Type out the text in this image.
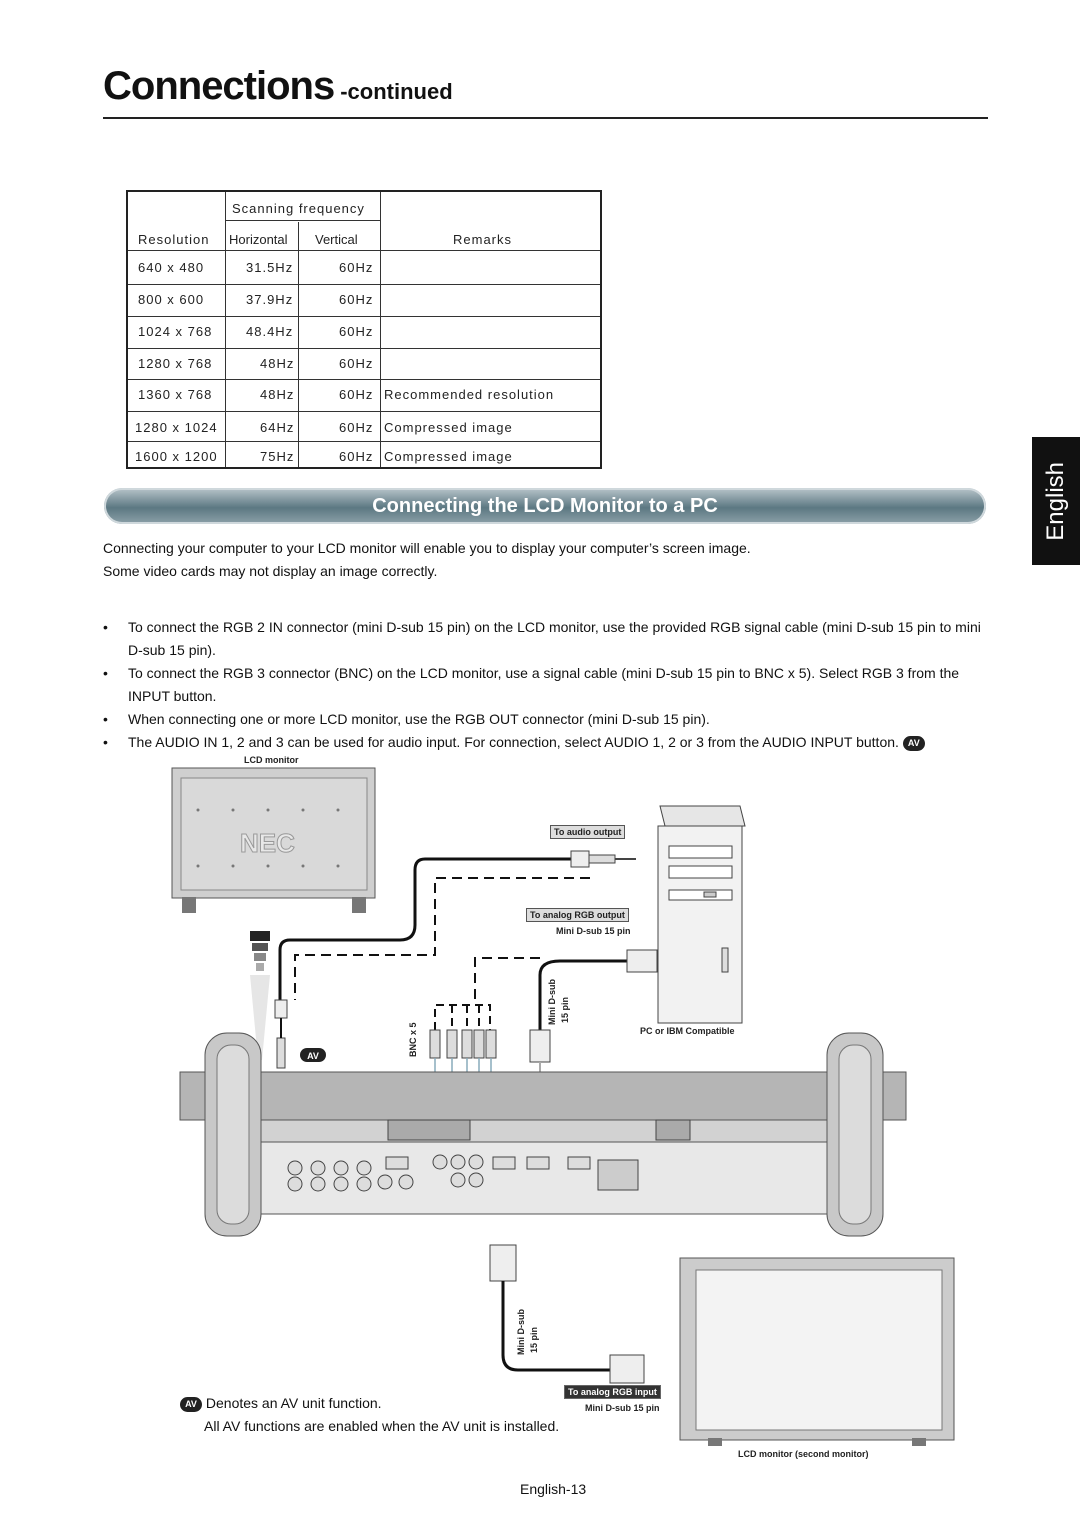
Connections -continued
English
Scanning frequency
Resolution Horizontal Vertical	Remarks
640 x 480	31.5Hz	60Hz
800 x 600	37.9Hz	60Hz
1024 x 768	48.4Hz	60Hz
1280 x 768	48Hz	60Hz
1360 x 768	48Hz	60Hz Recommended resolution
1280 x 1024	64Hz	60Hz Compressed image
1600 x 1200	75Hz	60Hz Compressed image
Connecting the LCD Monitor to a PC
Connecting your computer to your LCD monitor will enable you to display your computer’s screen image.
Some video cards may not display an image correctly.
• To connect the RGB 2 IN connector (mini D-sub 15 pin) on the LCD monitor, use the provided RGB signal cable (mini D-sub 15 pin to mini D-sub 15 pin).
• To connect the RGB 3 connector (BNC) on the LCD monitor, use a signal cable (mini D-sub 15 pin to BNC x 5). Select RGB 3 from the INPUT button.
• When connecting one or more LCD monitor, use the RGB OUT connector (mini D-sub 15 pin).
• The AUDIO IN 1, 2 and 3 can be used for audio input. For connection, select AUDIO 1, 2 or 3 from the AUDIO INPUT button. AV
LCD monitor
NEC
PC or IBM Compatible
LCD monitor (second monitor)
AV	BNC x 5
Mini D-sub 15 pin
Mini D-sub 15 pin
To audio output
To analog RGB output
Mini D-sub 15 pin
To analog RGB input
Mini D-sub 15 pin
AV Denotes an AV unit function.
All AV functions are enabled when the AV unit is installed.
English-13
